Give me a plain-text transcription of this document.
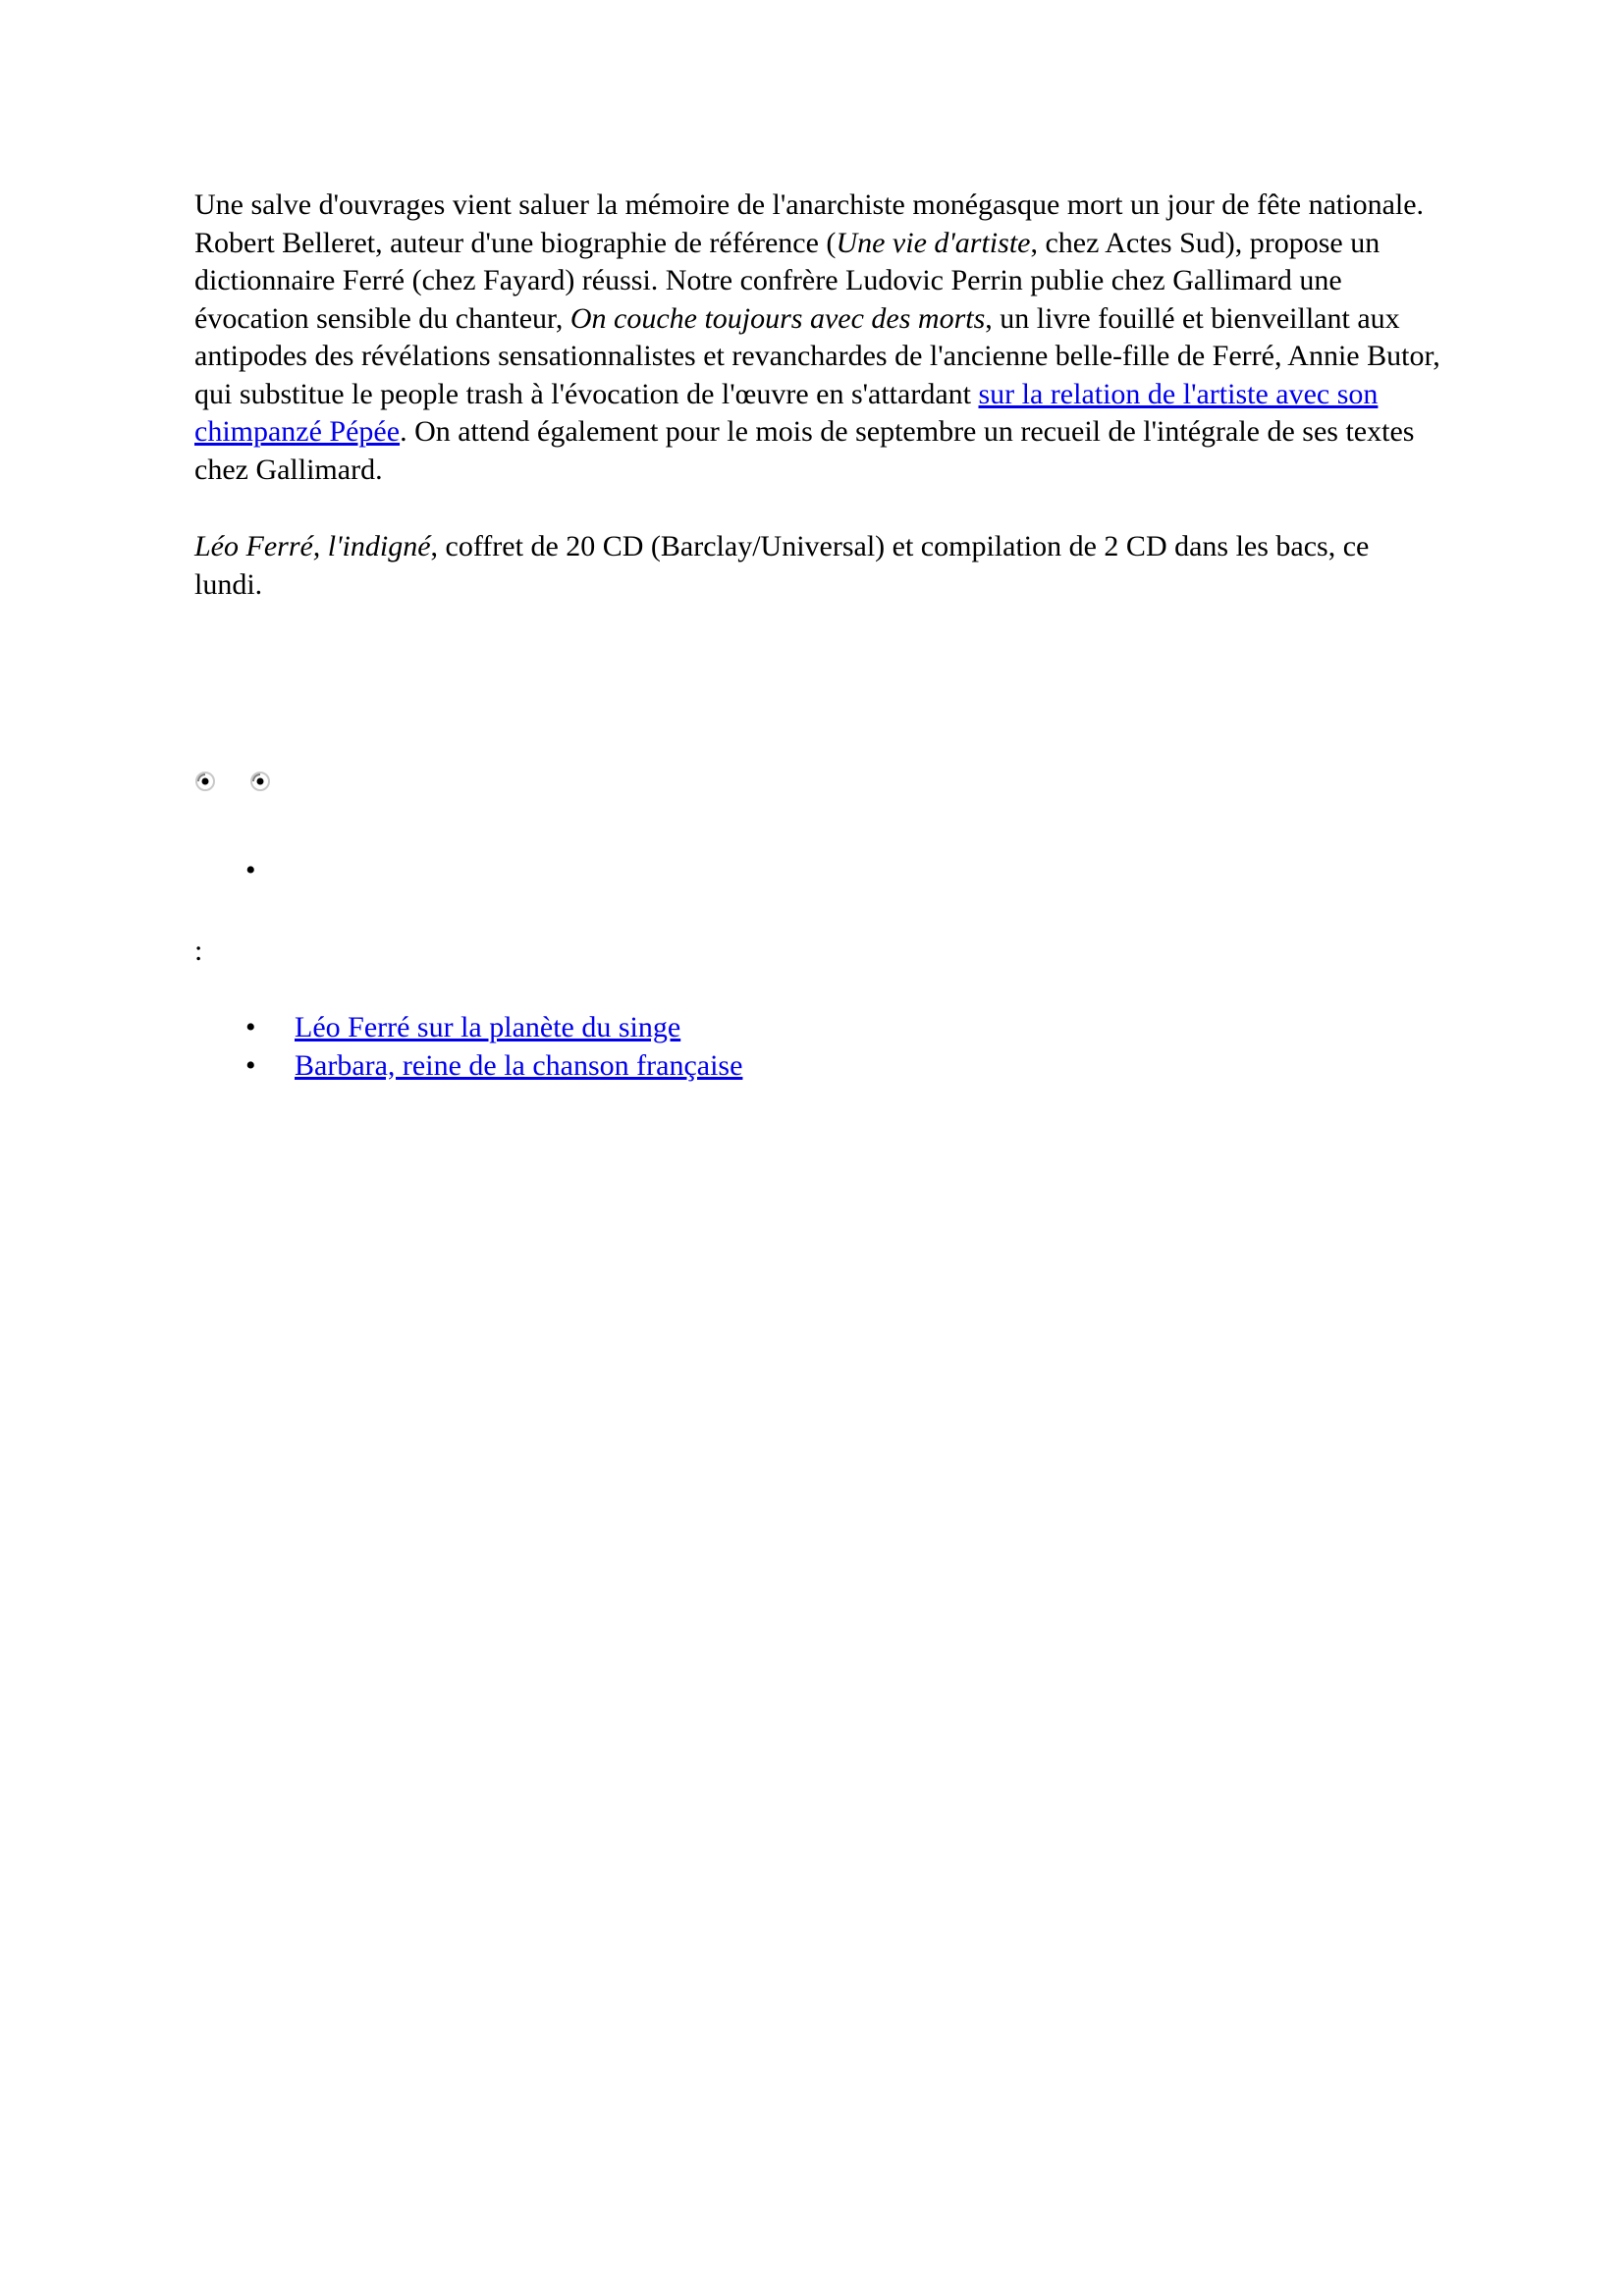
Une salve d'ouvrages vient saluer la mémoire de l'anarchiste monégasque mort un jour de fête nationale. Robert Belleret, auteur d'une biographie de référence (Une vie d'artiste, chez Actes Sud), propose un dictionnaire Ferré (chez Fayard) réussi. Notre confrère Ludovic Perrin publie chez Gallimard une évocation sensible du chanteur, On couche toujours avec des morts, un livre fouillé et bienveillant aux antipodes des révélations sensationnalistes et revanchardes de l'ancienne belle-fille de Ferré, Annie Butor, qui substitue le people trash à l'évocation de l'œuvre en s'attardant sur la relation de l'artiste avec son chimpanzé Pépée. On attend également pour le mois de septembre un recueil de l'intégrale de ses textes chez Gallimard.

Léo Ferré, l'indigné, coffret de 20 CD (Barclay/Universal) et compilation de 2 CD dans les bacs, ce lundi.

•
:
• Léo Ferré sur la planète du singe
• Barbara, reine de la chanson française
